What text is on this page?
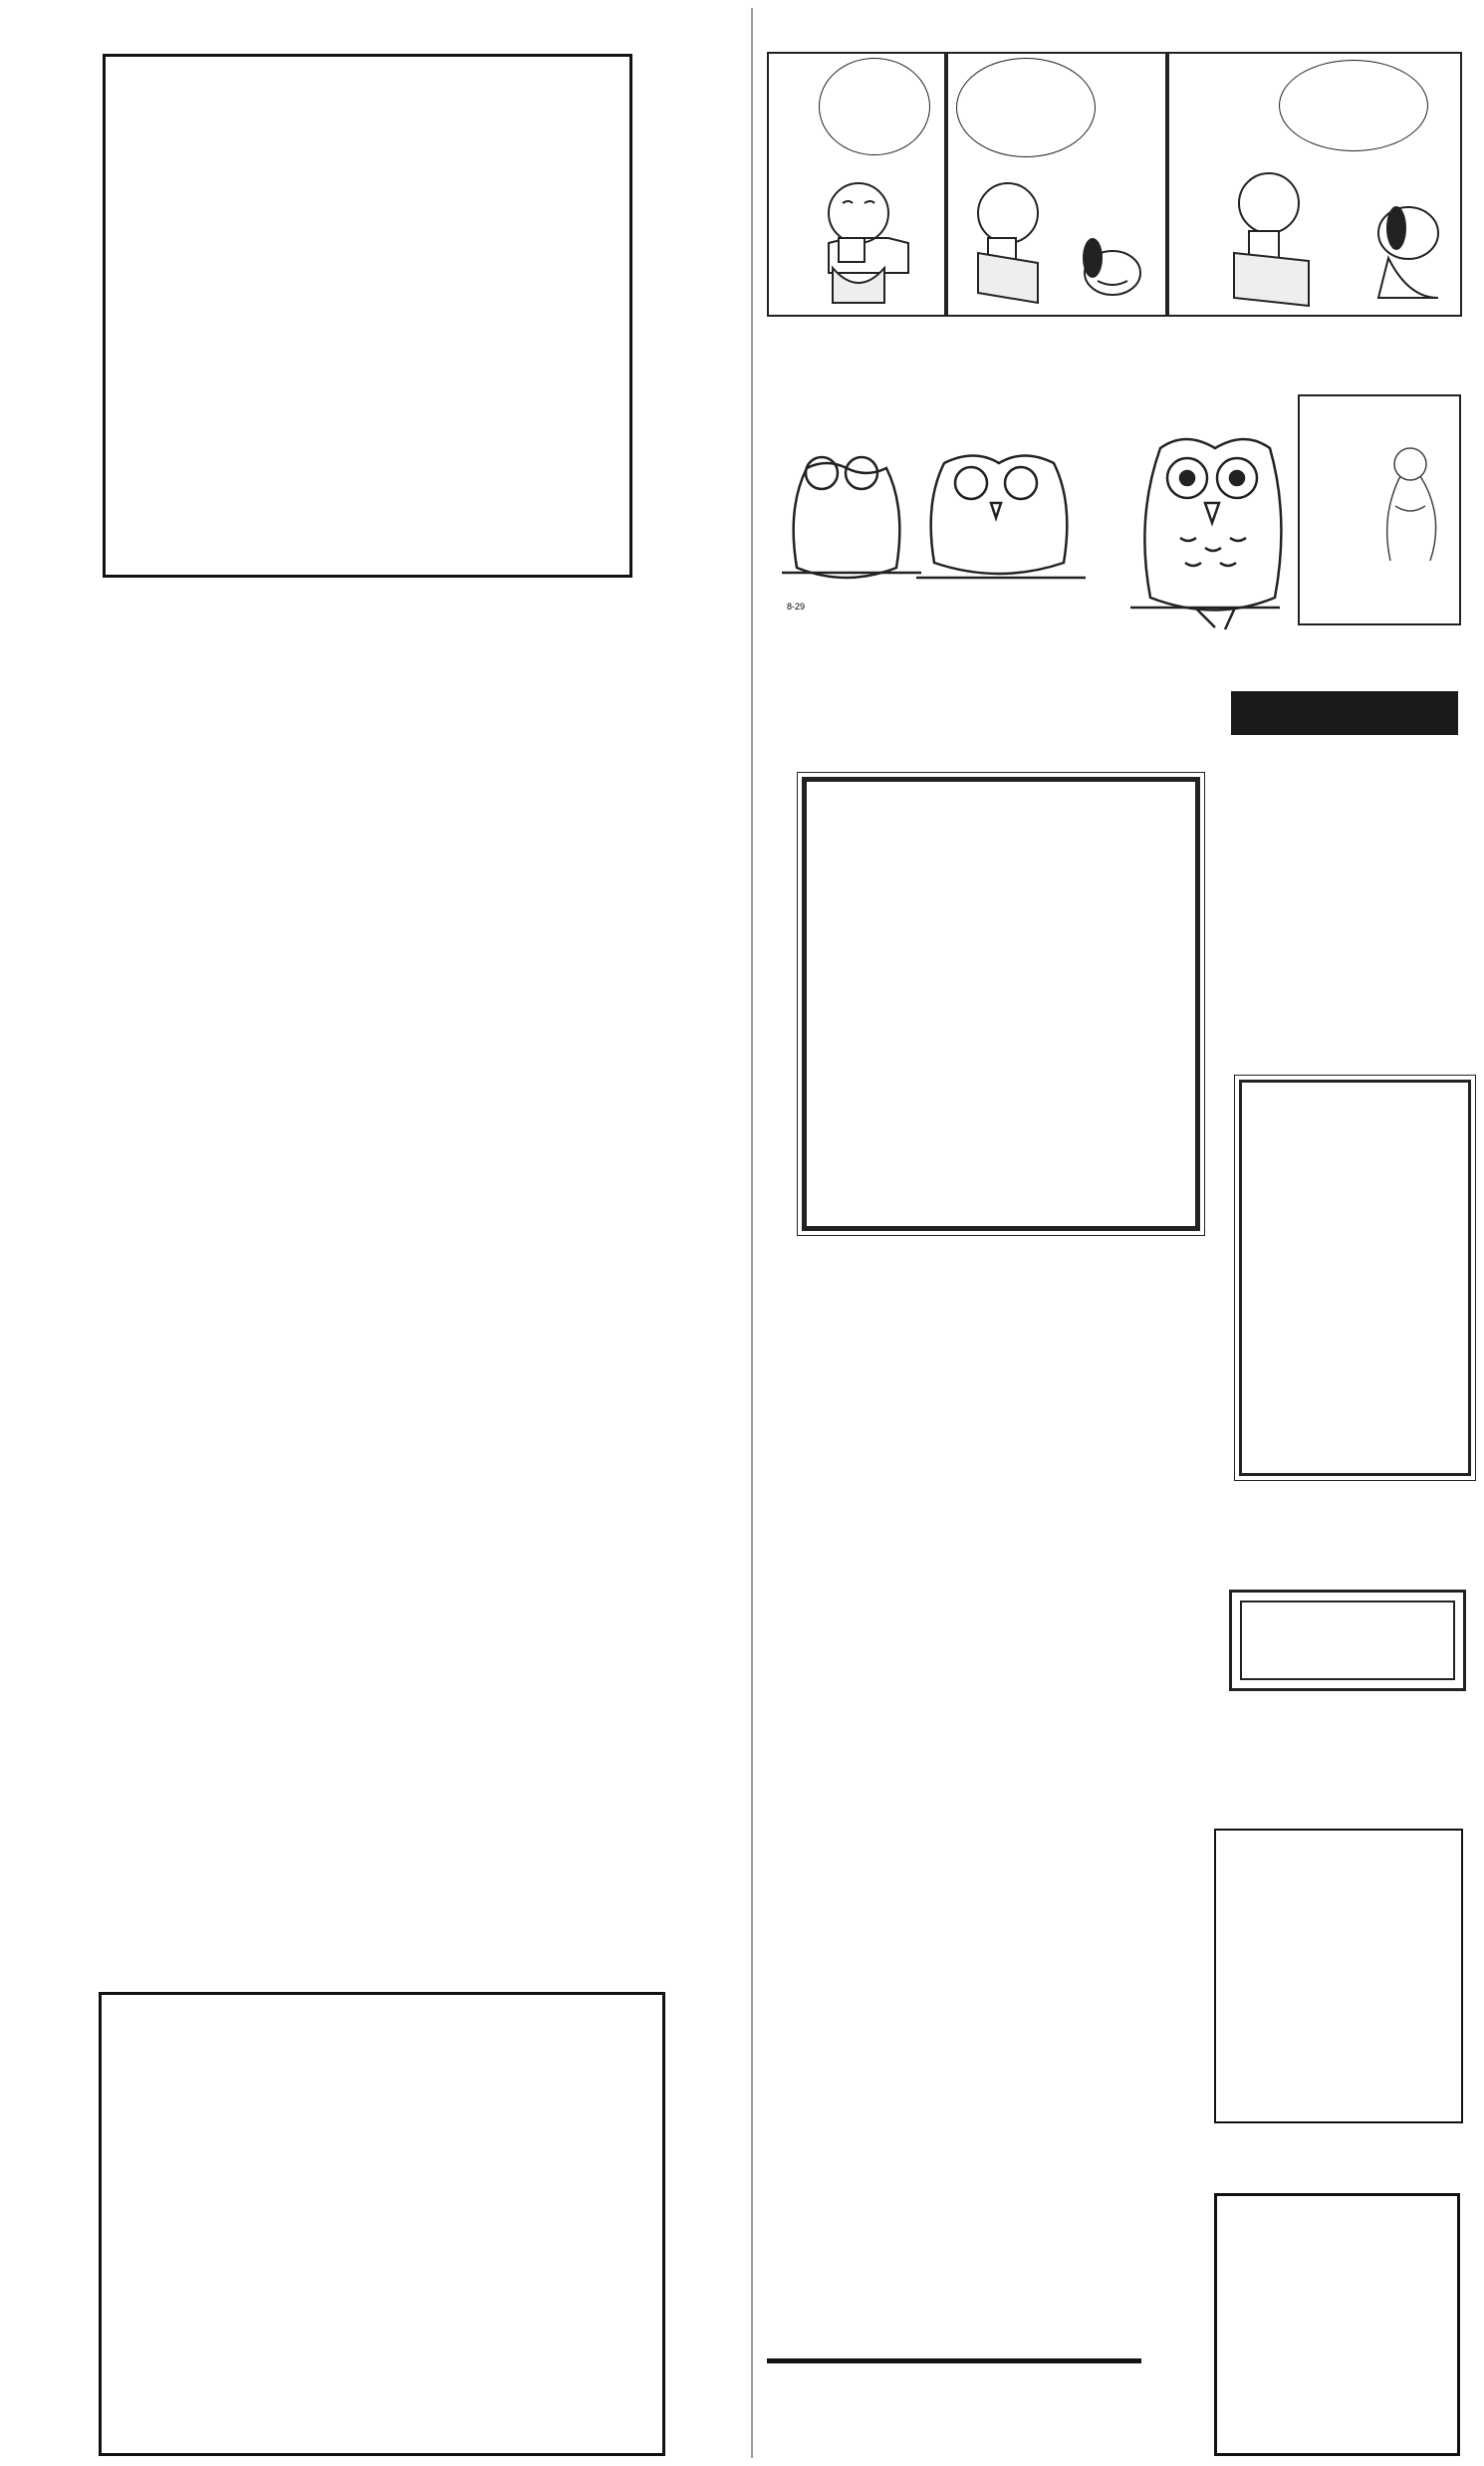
8-29
